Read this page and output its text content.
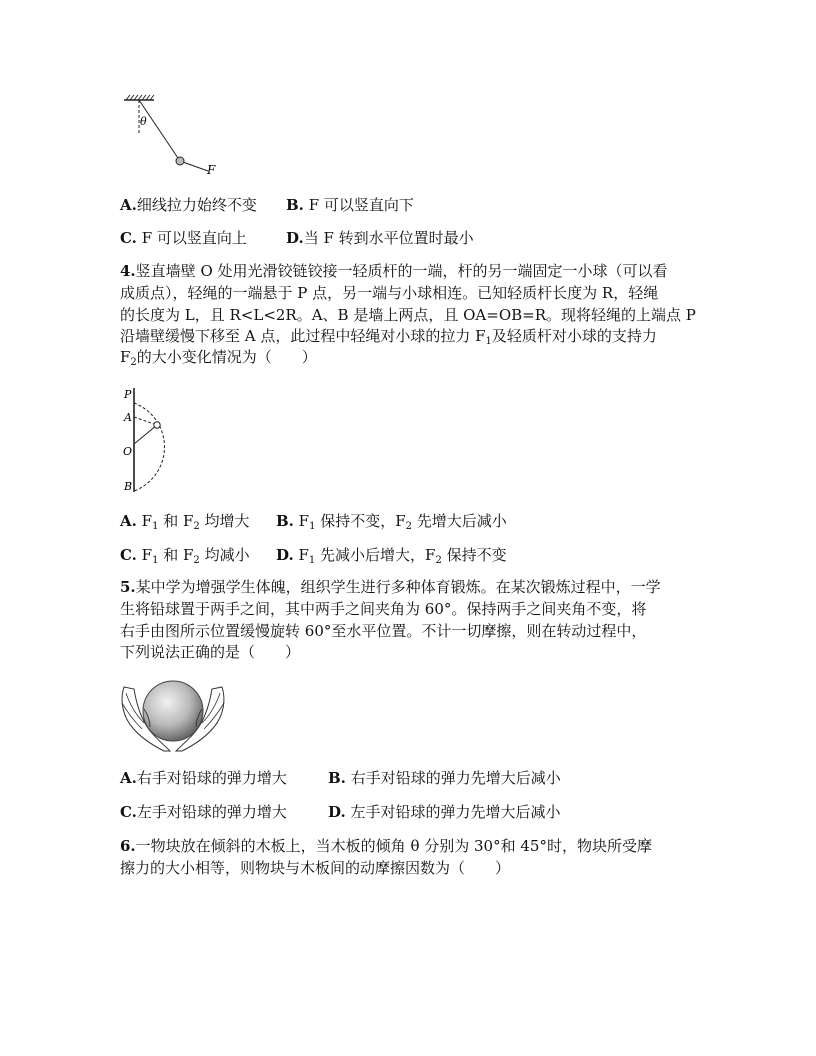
θ
F
A.细线拉力始终不变 B. F 可以竖直向下
C. F 可以竖直向上	D.当 F 转到水平位置时最小
4.竖直墙壁 O 处用光滑铰链铰接一轻质杆的一端，杆的另一端固定一小球（可以看
成质点），轻绳的一端悬于 P 点，另一端与小球相连。已知轻质杆长度为 R，轻绳
的长度为 L，且 R<L<2R。A、B 是墙上两点，且 OA=OB=R。现将轻绳的上端点 P
沿墙壁缓慢下移至 A 点，此过程中轻绳对小球的拉力 $F_1$及轻质杆对小球的支持力
$F_2$的大小变化情况为（　　）
P
A
O
B
A. $F_1$ 和 $F_2$ 均增大 B. $F_1$ 保持不变，$F_2$ 先增大后减小
C. $F_1$ 和 $F_2$ 均减小 D. $F_1$ 先减小后增大，$F_2$ 保持不变
5.某中学为增强学生体魄，组织学生进行多种体育锻炼。在某次锻炼过程中，一学
生将铅球置于两手之间，其中两手之间夹角为 60°。保持两手之间夹角不变，将
右手由图所示位置缓慢旋转 60°至水平位置。不计一切摩擦，则在转动过程中，
下列说法正确的是（　　）
A.右手对铅球的弹力增大	B. 右手对铅球的弹力先增大后减小
C.左手对铅球的弹力增大	D. 左手对铅球的弹力先增大后减小
6.一物块放在倾斜的木板上，当木板的倾角 θ 分别为 30°和 45°时，物块所受摩
擦力的大小相等，则物块与木板间的动摩擦因数为（　　）
